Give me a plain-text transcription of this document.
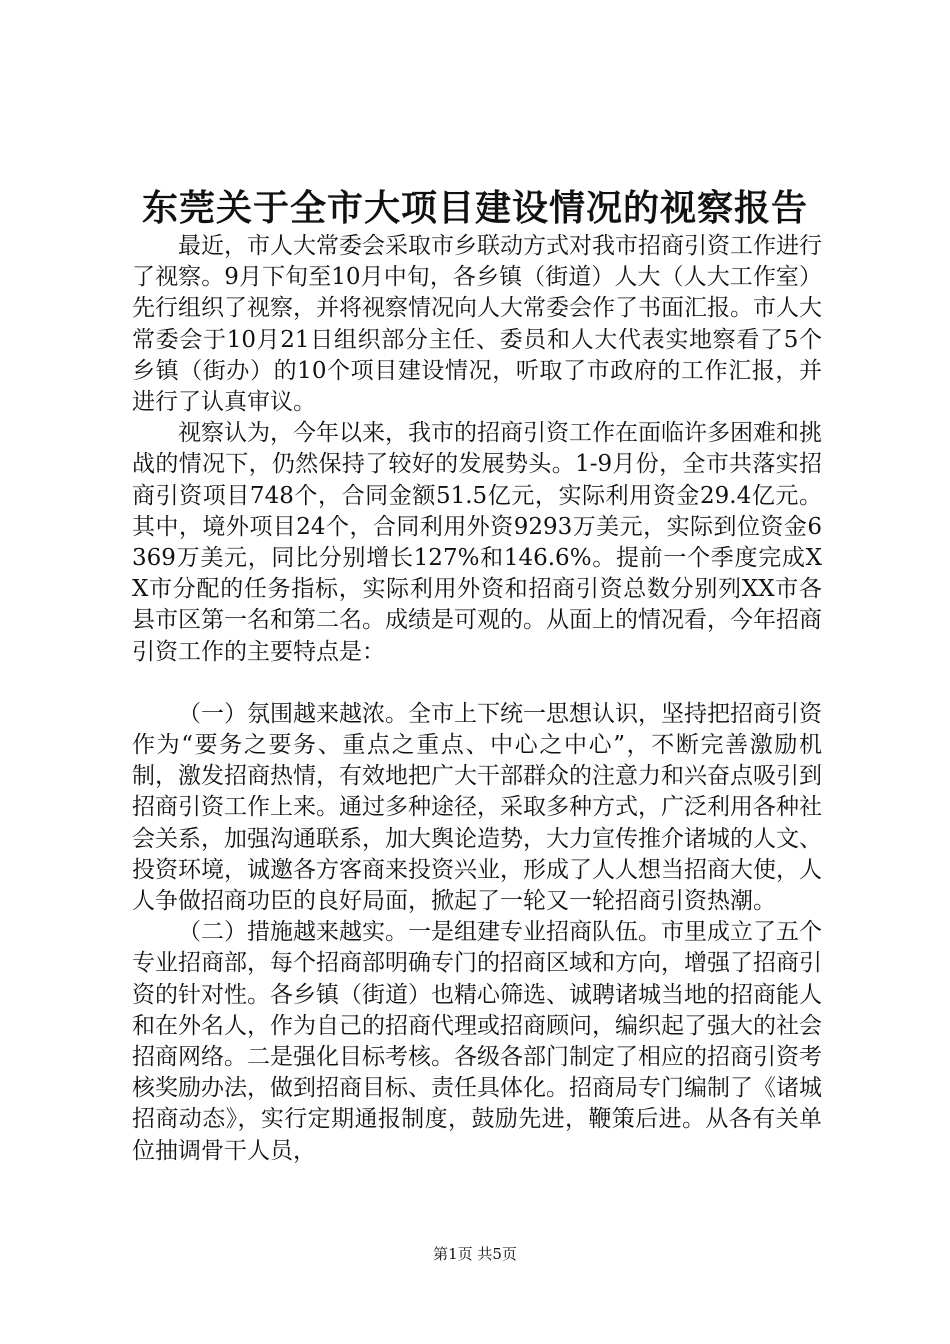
东莞关于全市大项目建设情况的视察报告

最近，市人大常委会采取市乡联动方式对我市招商引资工作进行了视察。9月下旬至10月中旬，各乡镇（街道）人大（人大工作室）先行组织了视察，并将视察情况向人大常委会作了书面汇报。市人大常委会于10月21日组织部分主任、委员和人大代表实地察看了5个乡镇（街办）的10个项目建设情况，听取了市政府的工作汇报，并进行了认真审议。

视察认为，今年以来，我市的招商引资工作在面临许多困难和挑战的情况下，仍然保持了较好的发展势头。1-9月份，全市共落实招商引资项目748个，合同金额51.5亿元，实际利用资金29.4亿元。其中，境外项目24个，合同利用外资9293万美元，实际到位资金6369万美元，同比分别增长127%和146.6%。提前一个季度完成XX市分配的任务指标，实际利用外资和招商引资总数分别列XX市各县市区第一名和第二名。成绩是可观的。从面上的情况看，今年招商引资工作的主要特点是：

（一）氛围越来越浓。全市上下统一思想认识，坚持把招商引资作为“要务之要务、重点之重点、中心之中心”，不断完善激励机制，激发招商热情，有效地把广大干部群众的注意力和兴奋点吸引到招商引资工作上来。通过多种途径，采取多种方式，广泛利用各种社会关系，加强沟通联系，加大舆论造势，大力宣传推介诸城的人文、投资环境，诚邀各方客商来投资兴业，形成了人人想当招商大使，人人争做招商功臣的良好局面，掀起了一轮又一轮招商引资热潮。

（二）措施越来越实。一是组建专业招商队伍。市里成立了五个专业招商部，每个招商部明确专门的招商区域和方向，增强了招商引资的针对性。各乡镇（街道）也精心筛选、诚聘诸城当地的招商能人和在外名人，作为自己的招商代理或招商顾问，编织起了强大的社会招商网络。二是强化目标考核。各级各部门制定了相应的招商引资考核奖励办法，做到招商目标、责任具体化。招商局专门编制了《诸城招商动态》，实行定期通报制度，鼓励先进，鞭策后进。从各有关单位抽调骨干人员，

第1页 共5页
